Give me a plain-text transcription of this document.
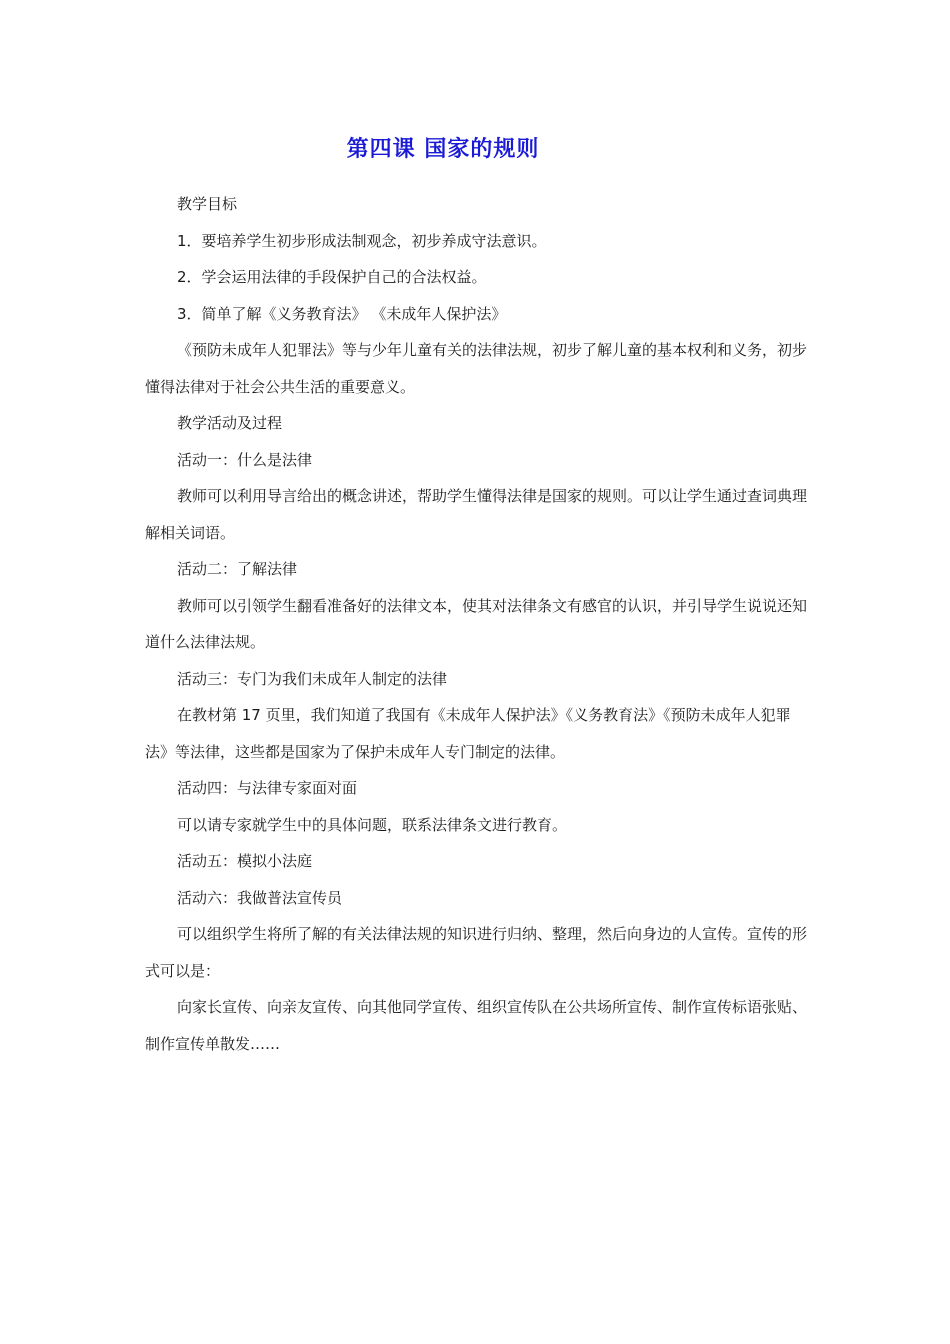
第四课 国家的规则

教学目标

1．要培养学生初步形成法制观念，初步养成守法意识。

2．学会运用法律的手段保护自己的合法权益。

3．简单了解《义务教育法》 《未成年人保护法》

《预防未成年人犯罪法》等与少年儿童有关的法律法规，初步了解儿童的基本权利和义务，初步懂得法律对于社会公共生活的重要意义。

教学活动及过程

活动一：什么是法律

教师可以利用导言给出的概念讲述，帮助学生懂得法律是国家的规则。可以让学生通过查词典理解相关词语。

活动二：了解法律

教师可以引领学生翻看准备好的法律文本，使其对法律条文有感官的认识，并引导学生说说还知道什么法律法规。

活动三：专门为我们未成年人制定的法律

在教材第 17 页里，我们知道了我国有《未成年人保护法》《义务教育法》《预防未成年人犯罪法》等法律，这些都是国家为了保护未成年人专门制定的法律。

活动四：与法律专家面对面

可以请专家就学生中的具体问题，联系法律条文进行教育。

活动五：模拟小法庭

活动六：我做普法宣传员

可以组织学生将所了解的有关法律法规的知识进行归纳、整理，然后向身边的人宣传。宣传的形式可以是：

向家长宣传、向亲友宣传、向其他同学宣传、组织宣传队在公共场所宣传、制作宣传标语张贴、制作宣传单散发……
